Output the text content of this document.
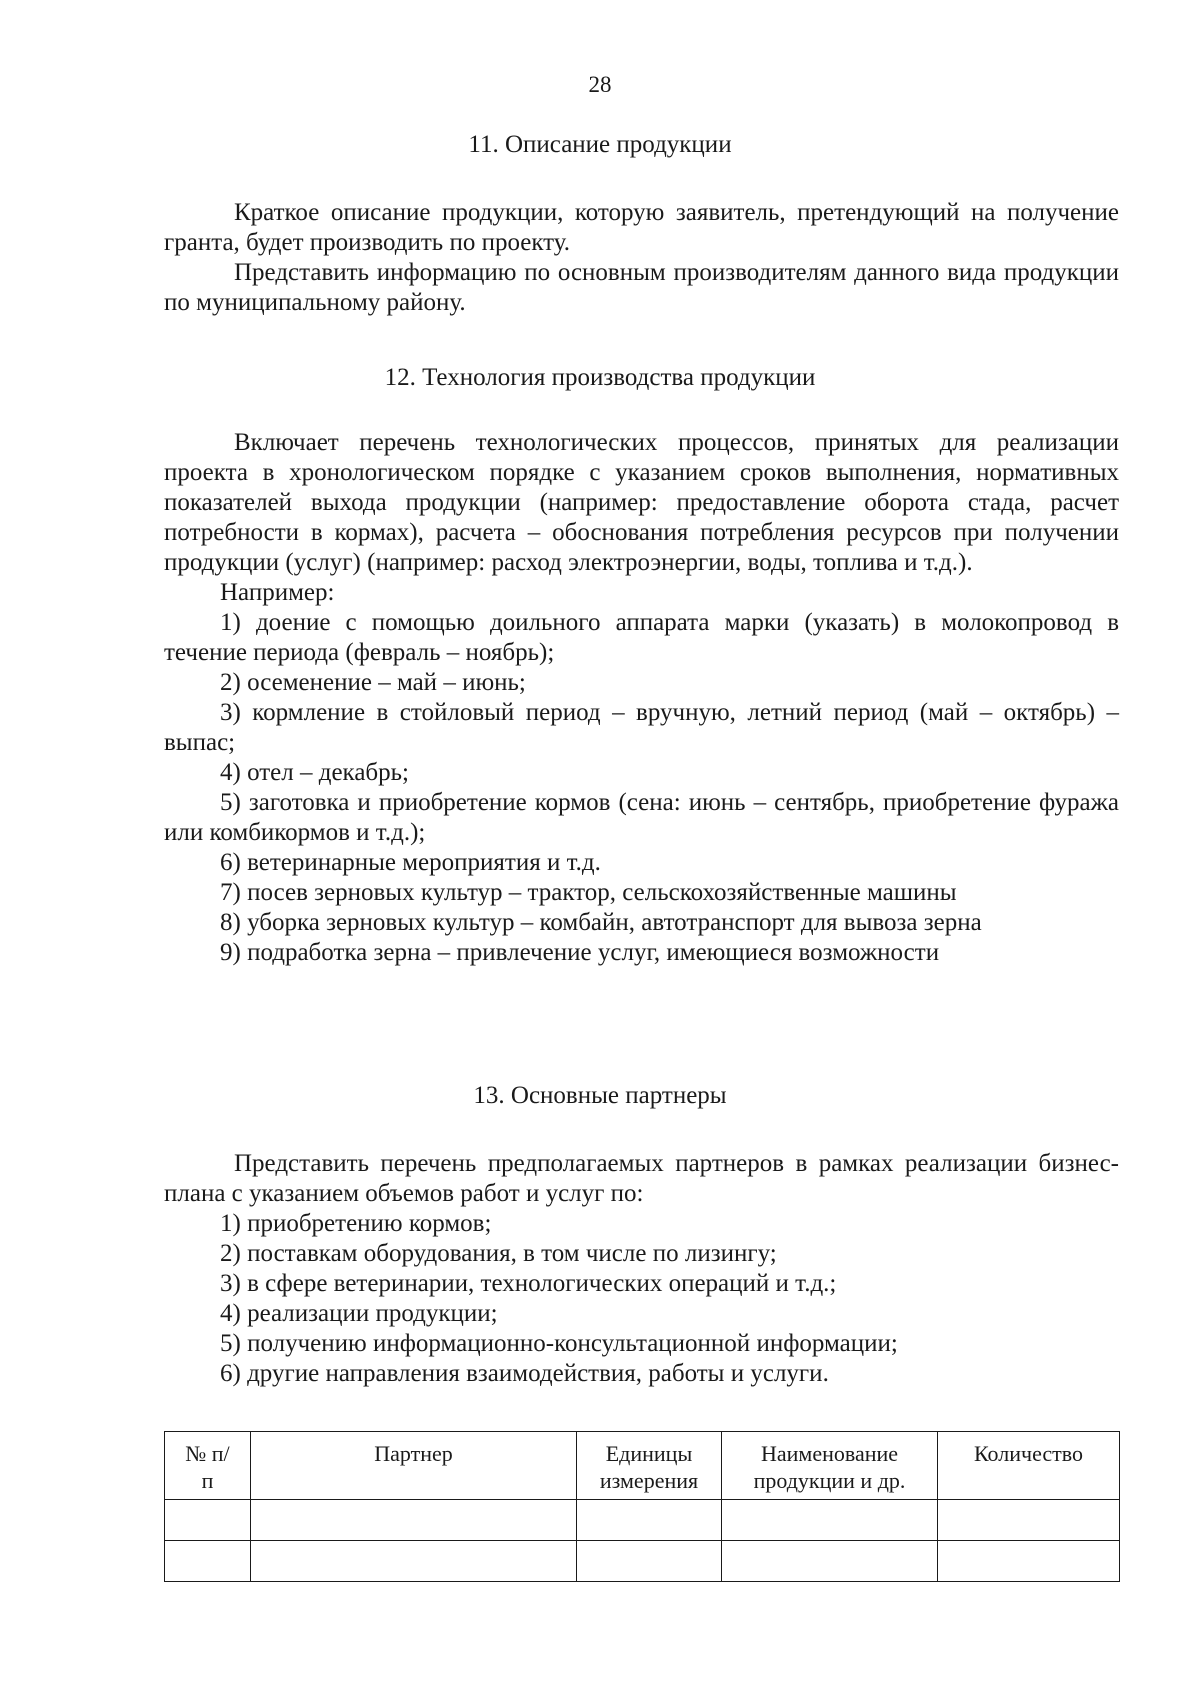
28
11. Описание продукции

Краткое описание продукции, которую заявитель, претендующий на получение гранта, будет производить по проекту.

Представить информацию по основным производителям данного вида продукции по муниципальному району.

12. Технология производства продукции

Включает перечень технологических процессов, принятых для реализации проекта в хронологическом порядке с указанием сроков выполнения, нормативных показателей выхода продукции (например: предоставление оборота стада, расчет потребности в кормах), расчета – обоснования потребления ресурсов при получении продукции (услуг) (например: расход электроэнергии, воды, топлива и т.д.).

Например:

1) доение с помощью доильного аппарата марки (указать) в молокопровод в течение периода (февраль – ноябрь);

2) осеменение – май – июнь;

3) кормление в стойловый период – вручную, летний период (май – октябрь) – выпас;

4) отел – декабрь;

5) заготовка и приобретение кормов (сена: июнь – сентябрь, приобретение фуража или комбикормов и т.д.);

6) ветеринарные мероприятия и т.д.

7) посев зерновых культур – трактор, сельскохозяйственные машины

8) уборка зерновых культур – комбайн, автотранспорт для вывоза зерна

9) подработка зерна – привлечение услуг, имеющиеся возможности

13. Основные партнеры

Представить перечень предполагаемых партнеров в рамках реализации бизнес-плана с указанием объемов работ и услуг по:

1) приобретению кормов;

2) поставкам оборудования, в том числе по лизингу;

3) в сфере ветеринарии, технологических операций и т.д.;

4) реализации продукции;

5) получению информационно-консультационной информации;

6) другие направления взаимодействия, работы и услуги.

№ п/п	Партнер	Единицы измерения	Наименование продукции и др.	Количество
